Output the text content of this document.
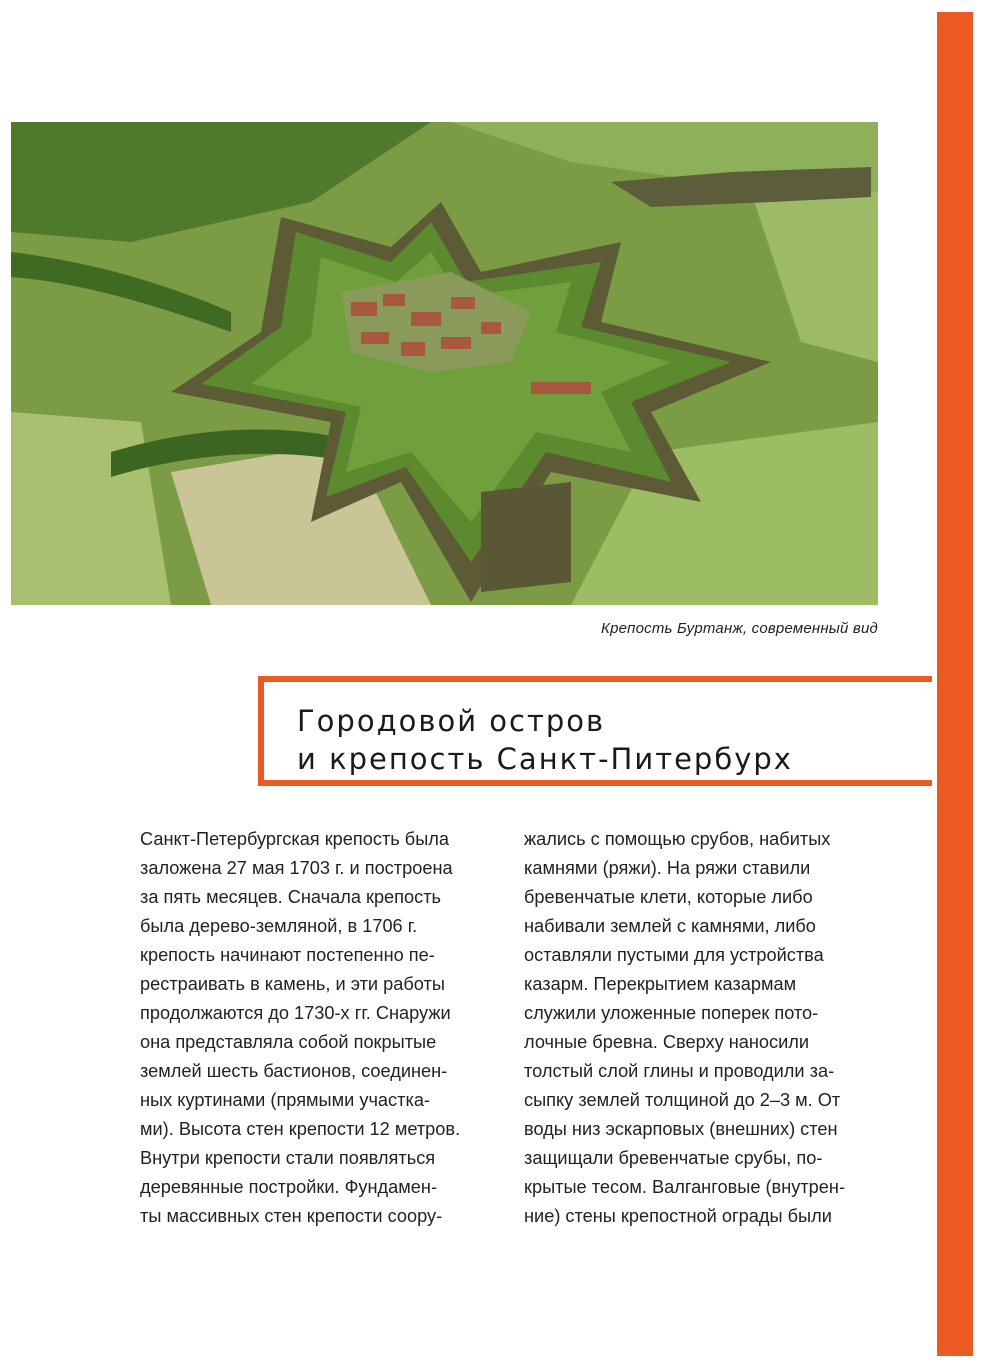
Крепость Буртанж, современный вид
Городовой остров
и крепость Санкт-Питербурх
Санкт-Петербургская крепость была
заложена 27 мая 1703 г. и построена
за пять месяцев. Сначала крепость
была дерево-земляной, в 1706 г.
крепость начинают постепенно пе-
рестраивать в камень, и эти работы
продолжаются до 1730-х гг. Снаружи
она представляла собой покрытые
землей шесть бастионов, соединен-
ных куртинами (прямыми участка-
ми). Высота стен крепости 12 метров.
Внутри крепости стали появляться
деревянные постройки. Фундамен-
ты массивных стен крепости соору-
жались с помощью срубов, набитых
камнями (ряжи). На ряжи ставили
бревенчатые клети, которые либо
набивали землей с камнями, либо
оставляли пустыми для устройства
казарм. Перекрытием казармам
служили уложенные поперек пото-
лочные бревна. Сверху наносили
толстый слой глины и проводили за-
сыпку землей толщиной до 2–3 м. От
воды низ эскарповых (внешних) стен
защищали бревенчатые срубы, по-
крытые тесом. Валганговые (внутрен-
ние) стены крепостной ограды были
